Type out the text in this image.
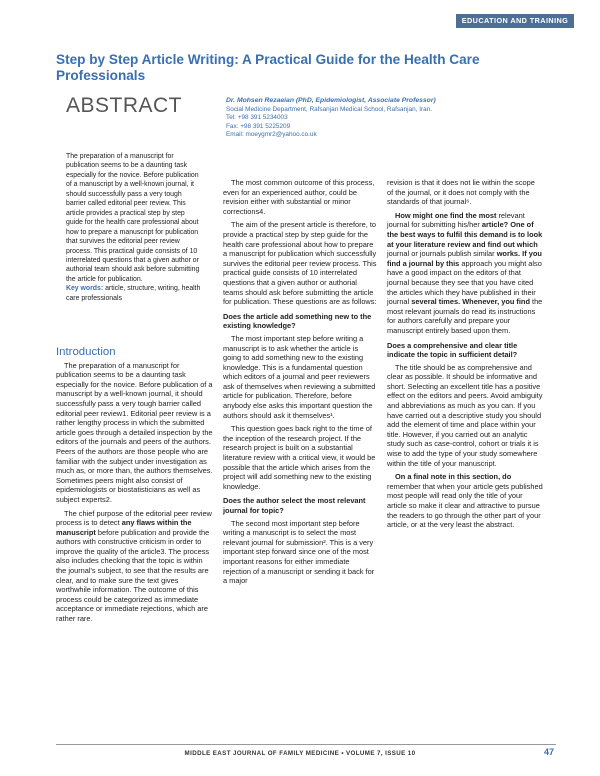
EDUCATION AND TRAINING
Step by Step Article Writing: A Practical Guide for the Health Care Professionals
ABSTRACT	Dr. Mohsen Rezaeian (PhD, Epidemiologist, Associate Professor)
Social Medicine Department, Rafsanjan Medical School, Rafsanjan, Iran.
Tel: +98 391 5234003
Fax: +98 391 5225209
Email: moeygmr2@yahoo.co.uk
The preparation of a manuscript for publication seems to be a daunting task especially for the novice. Before publication of a manuscript by a well-known journal, it should successfully pass a very tough barrier called editorial peer review. This article provides a practical step by step guide for the health care professional about how to prepare a manuscript for publication that survives the editorial peer review process. This practical guide consists of 10 interrelated questions that a given author or authorial team should ask before submitting the article for publication.
Key words: article, structure, writing, health care professionals
Introduction

The preparation of a manuscript for publication seems to be a daunting task especially for the novice. Before publication of a manuscript by a well-known journal, it should successfully pass a very tough barrier called editorial peer review1. Editorial peer review is a rather lengthy process in which the submitted article goes through a detailed inspection by the editors of the journals and peers of the authors. Peers of the authors are those people who are familiar with the subject under investigation as much as, or more than, the authors themselves. Sometimes peers might also consist of epidemiologists or biostatisticians as well as subject experts2.

The chief purpose of the editorial peer review process is to detect any flaws within the manuscript before publication and provide the authors with constructive criticism in order to improve the quality of the article3. The process also includes checking that the topic is within the journal's subject, to see that the results are clear, and to make sure the text gives worthwhile information. The outcome of this process could be categorized as immediate acceptance or immediate rejections, which are rather rare.

The most common outcome of this process, even for an experienced author, could be revision either with substantial or minor corrections4.

The aim of the present article is therefore, to provide a practical step by step guide for the health care professional about how to prepare a manuscript for publication which successfully survives the editorial peer review process. This practical guide consists of 10 interrelated questions that a given author or authorial teams should ask before submitting the article for publication. These questions are as follows:

Does the article add something new to the existing knowledge?

The most important step before writing a manuscript is to ask whether the article is going to add something new to the existing knowledge. This is a fundamental question which editors of a journal and peer reviewers ask of themselves when reviewing a submitted article for publication. Therefore, before anybody else asks this important question the authors should ask it themselves¹.

This question goes back right to the time of the inception of the research project. If the research project is built on a substantial literature review with a critical view, it would be possible that the article which arises from the project will add something new to the existing knowledge.

Does the author select the most relevant journal for topic?

The second most important step before writing a manuscript is to select the most relevant journal for submission². This is a very important step forward since one of the most important reasons for either immediate rejection of a manuscript or sending it back for a major

revision is that it does not lie within the scope of the journal, or it does not comply with the standards of that journal⁶.

How might one find the most relevant journal for submitting his/her article? One of the best ways to fulfil this demand is to look at your literature review and find out which journal or journals publish similar works. If you find a journal by this approach you might also have a good impact on the editors of that journal because they see that you have cited the articles which they have published in their journal several times. Whenever, you find the most relevant journals do read its instructions for authors carefully and prepare your manuscript entirely based upon them.

Does a comprehensive and clear title indicate the topic in sufficient detail?

The title should be as comprehensive and clear as possible. It should be informative and short. Selecting an excellent title has a positive effect on the editors and peers. Avoid ambiguity and abbreviations as much as you can. If you have carried out a descriptive study you should add the element of time and place within your title. However, if you carried out an analytic study such as case-control, cohort or trials it is wise to add the type of your study somewhere within the title of your manuscript.

On a final note in this section, do remember that when your article gets published most people will read only the title of your article so make it clear and attractive to pursue the readers to go through the other part of your article, or at the very least the abstract.

MIDDLE EAST JOURNAL OF FAMILY MEDICINE • VOLUME 7, ISSUE 10	47
